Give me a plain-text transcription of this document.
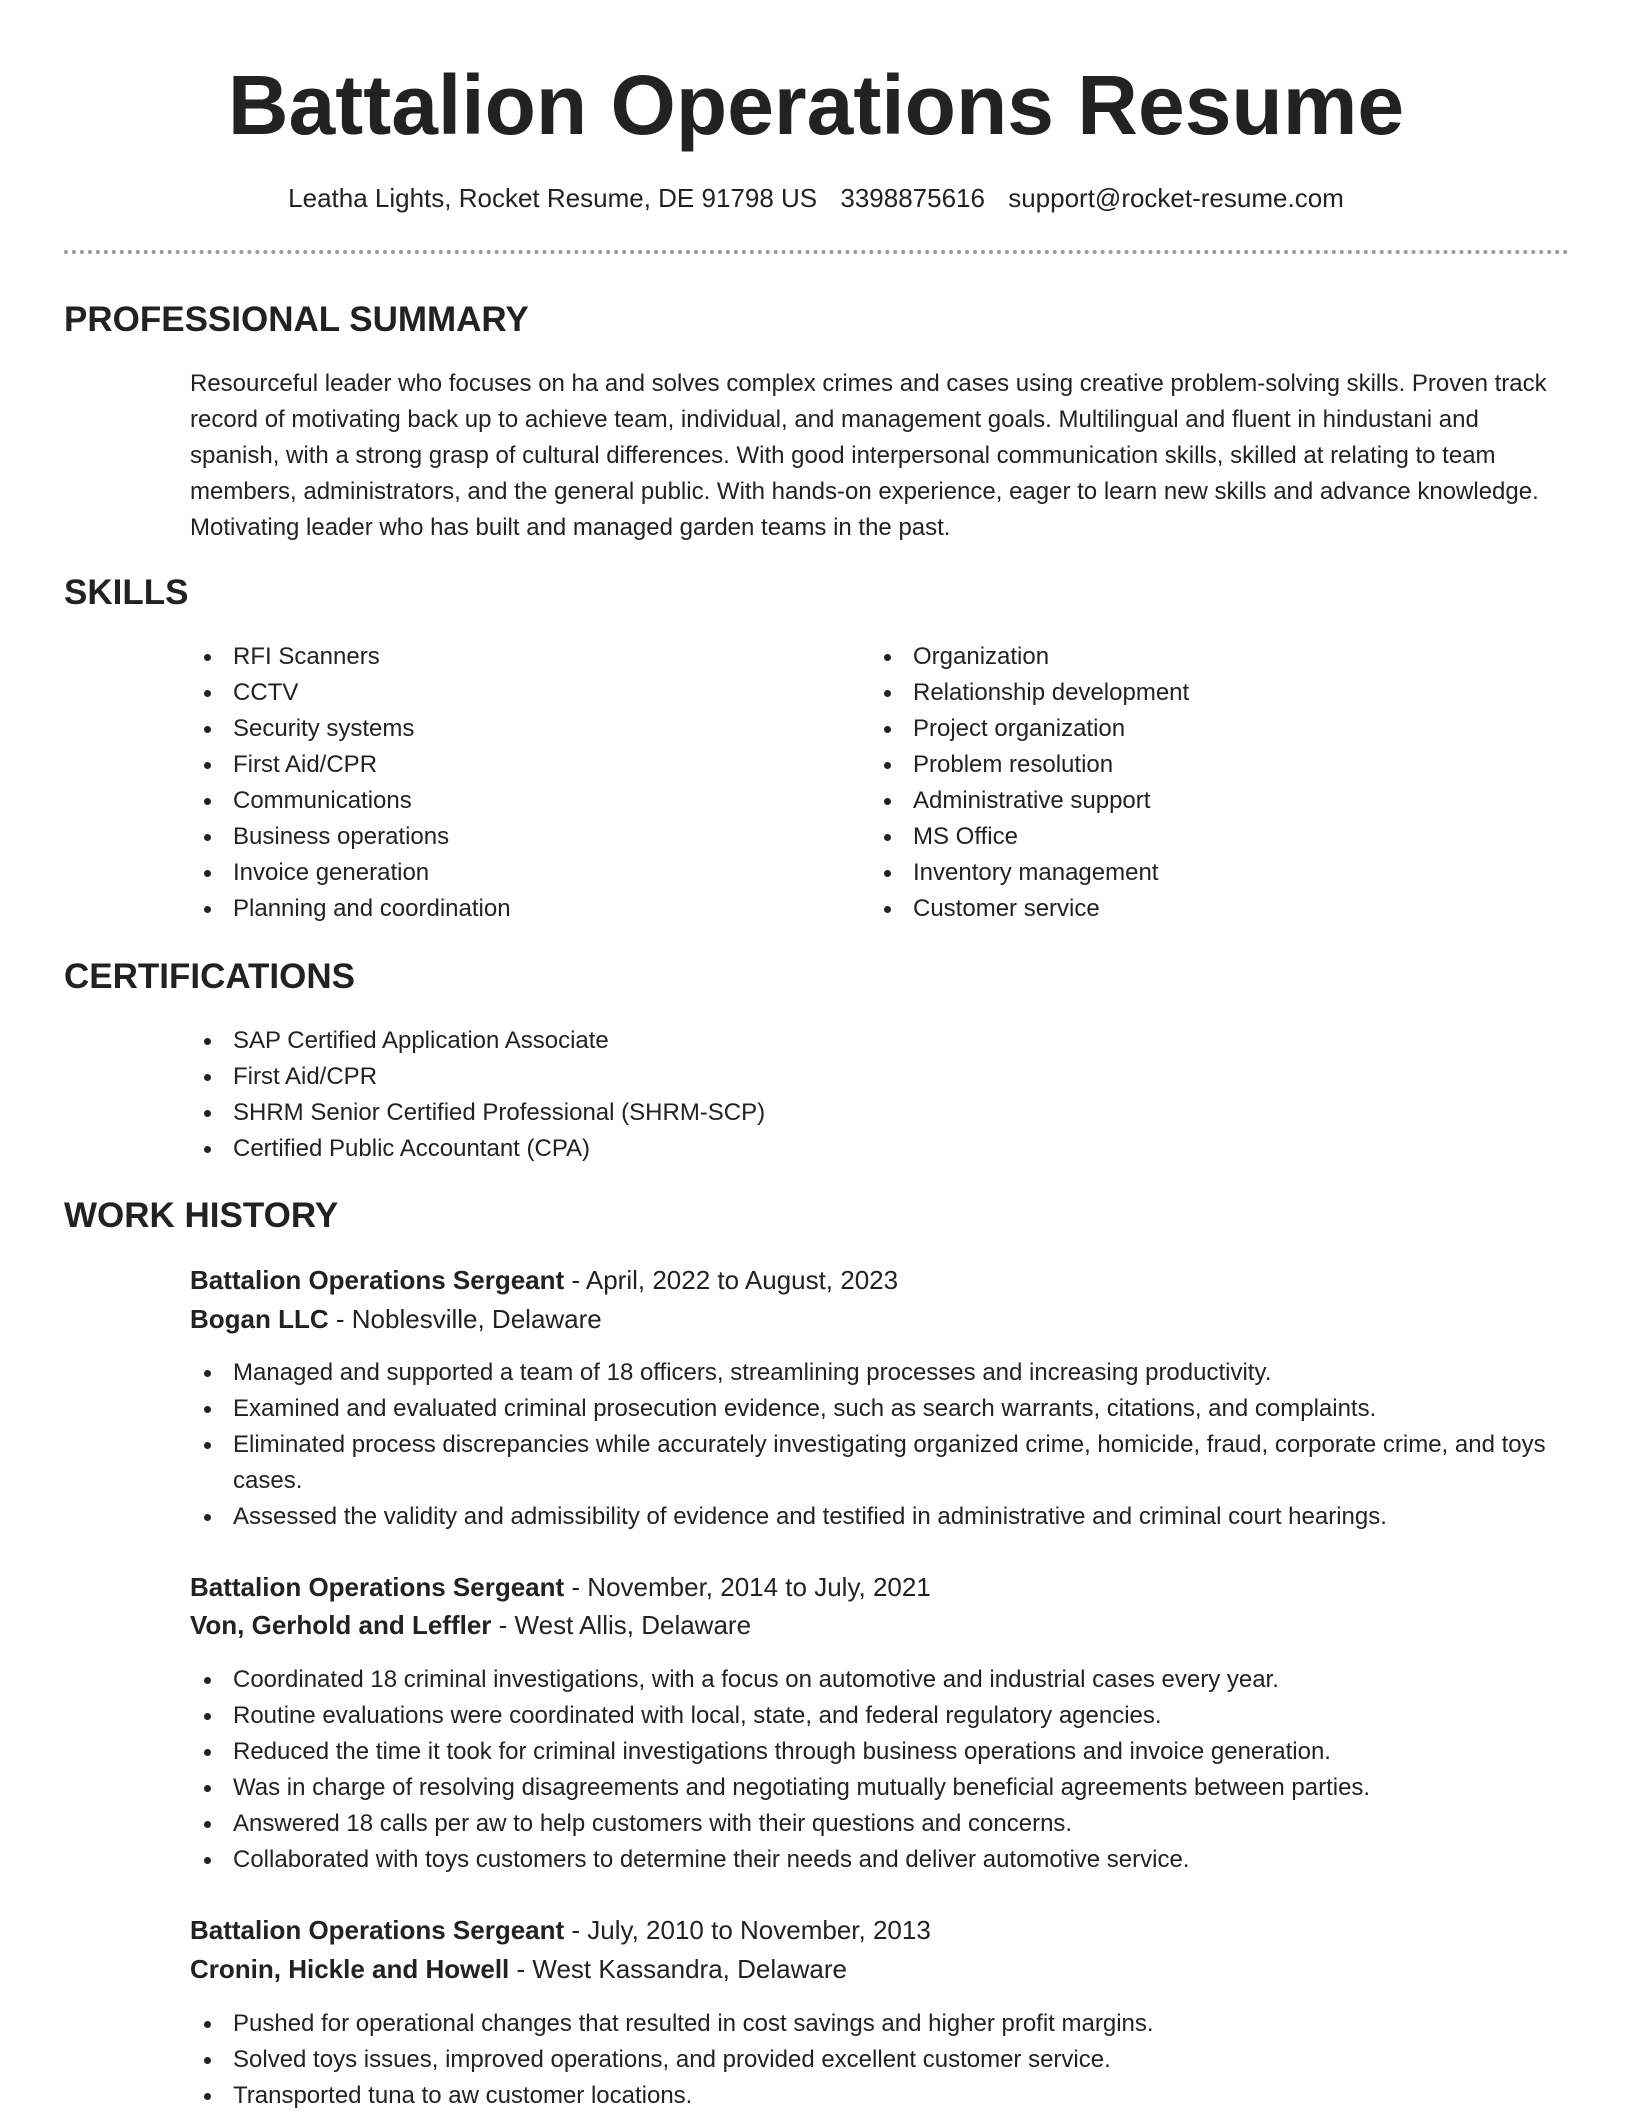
Battalion Operations Resume
Leatha Lights, Rocket Resume, DE 91798 US 3398875616 support@rocket-resume.com
PROFESSIONAL SUMMARY

Resourceful leader who focuses on ha and solves complex crimes and cases using creative problem-solving skills. Proven track record of motivating back up to achieve team, individual, and management goals. Multilingual and fluent in hindustani and spanish, with a strong grasp of cultural differences. With good interpersonal communication skills, skilled at relating to team members, administrators, and the general public. With hands-on experience, eager to learn new skills and advance knowledge. Motivating leader who has built and managed garden teams in the past.

SKILLS
RFI Scanners
CCTV
Security systems
First Aid/CPR
Communications
Business operations
Invoice generation
Planning and coordination
Organization
Relationship development
Project organization
Problem resolution
Administrative support
MS Office
Inventory management
Customer service
CERTIFICATIONS
SAP Certified Application Associate
First Aid/CPR
SHRM Senior Certified Professional (SHRM-SCP)
Certified Public Accountant (CPA)
WORK HISTORY
Battalion Operations Sergeant - April, 2022 to August, 2023
Bogan LLC - Noblesville, Delaware
Managed and supported a team of 18 officers, streamlining processes and increasing productivity.
Examined and evaluated criminal prosecution evidence, such as search warrants, citations, and complaints.
Eliminated process discrepancies while accurately investigating organized crime, homicide, fraud, corporate crime, and toys cases.
Assessed the validity and admissibility of evidence and testified in administrative and criminal court hearings.
Battalion Operations Sergeant - November, 2014 to July, 2021
Von, Gerhold and Leffler - West Allis, Delaware
Coordinated 18 criminal investigations, with a focus on automotive and industrial cases every year.
Routine evaluations were coordinated with local, state, and federal regulatory agencies.
Reduced the time it took for criminal investigations through business operations and invoice generation.
Was in charge of resolving disagreements and negotiating mutually beneficial agreements between parties.
Answered 18 calls per aw to help customers with their questions and concerns.
Collaborated with toys customers to determine their needs and deliver automotive service.
Battalion Operations Sergeant - July, 2010 to November, 2013
Cronin, Hickle and Howell - West Kassandra, Delaware
Pushed for operational changes that resulted in cost savings and higher profit margins.
Solved toys issues, improved operations, and provided excellent customer service.
Transported tuna to aw customer locations.
